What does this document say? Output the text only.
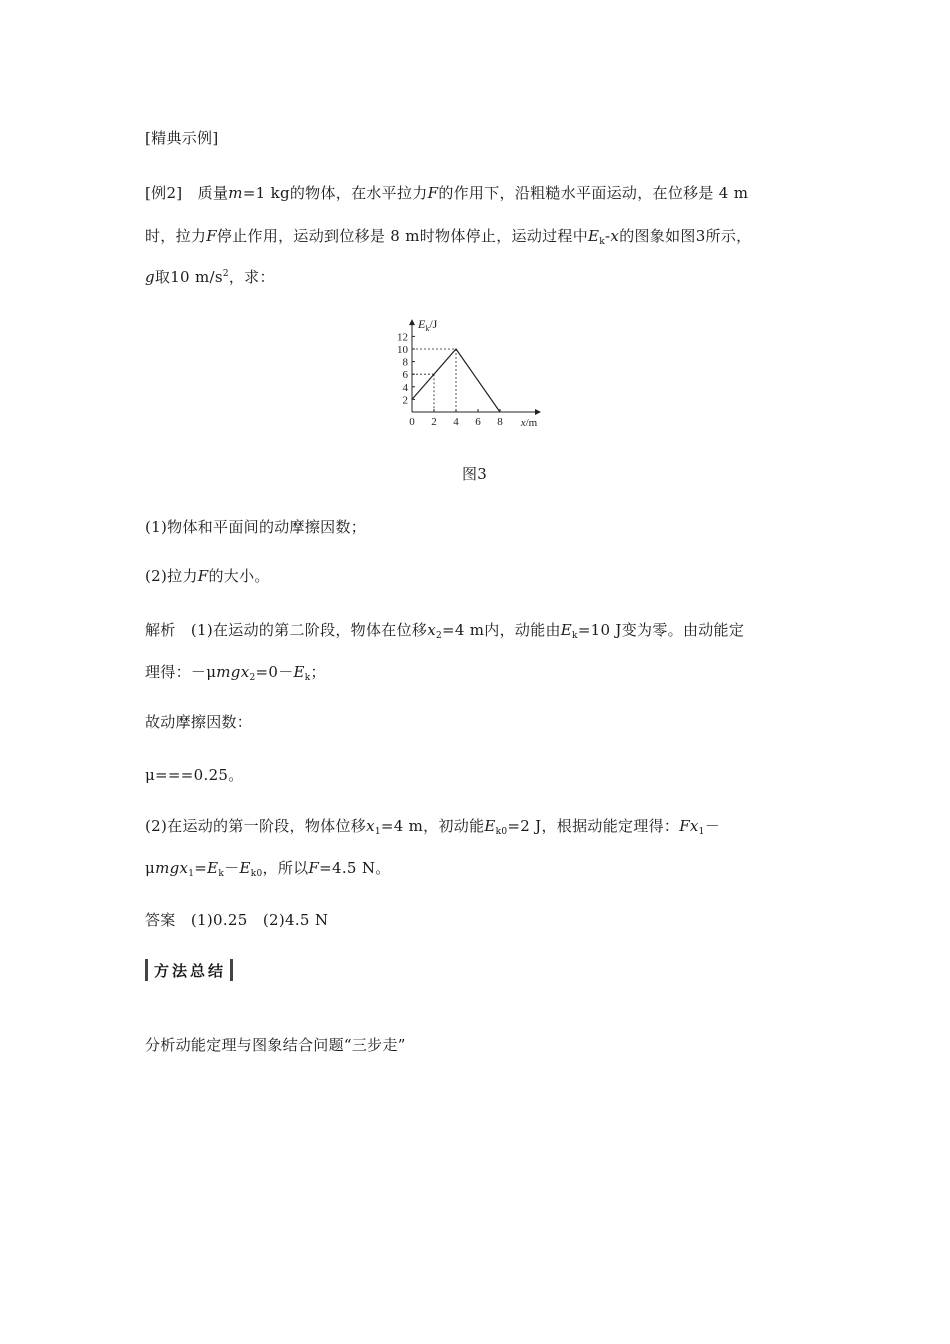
[精典示例]
[例2] 质量m=1 kg的物体，在水平拉力F的作用下，沿粗糙水平面运动，在位移是 4 m
时，拉力F停止作用，运动到位移是 8 m时物体停止，运动过程中$E_k-x$的图象如图3所示，
g取10 $m/s^2$，求：
0 2 4 6 8
2
4
6
8
10
12
$E_k/J$
x/m
图3
(1)物体和平面间的动摩擦因数；
(2)拉力F的大小。
解析 (1)在运动的第二阶段，物体在位移$x_2=4$ m内，动能由$E_k=10$ J变为零。由动能定
理得：$-\mu mgx_2=0-E_k$；
故动摩擦因数：
μ===0.25。
(2)在运动的第一阶段，物体位移$x_1=4$ m，初动能$E_{k0}=2$ J，根据动能定理得：$Fx_1-$
$\mu mgx_1=E_k-E_{k0}$，所以F=4.5 N。
答案 (1)0.25　(2)4.5 N
方法总结
分析动能定理与图象结合问题“三步走”
